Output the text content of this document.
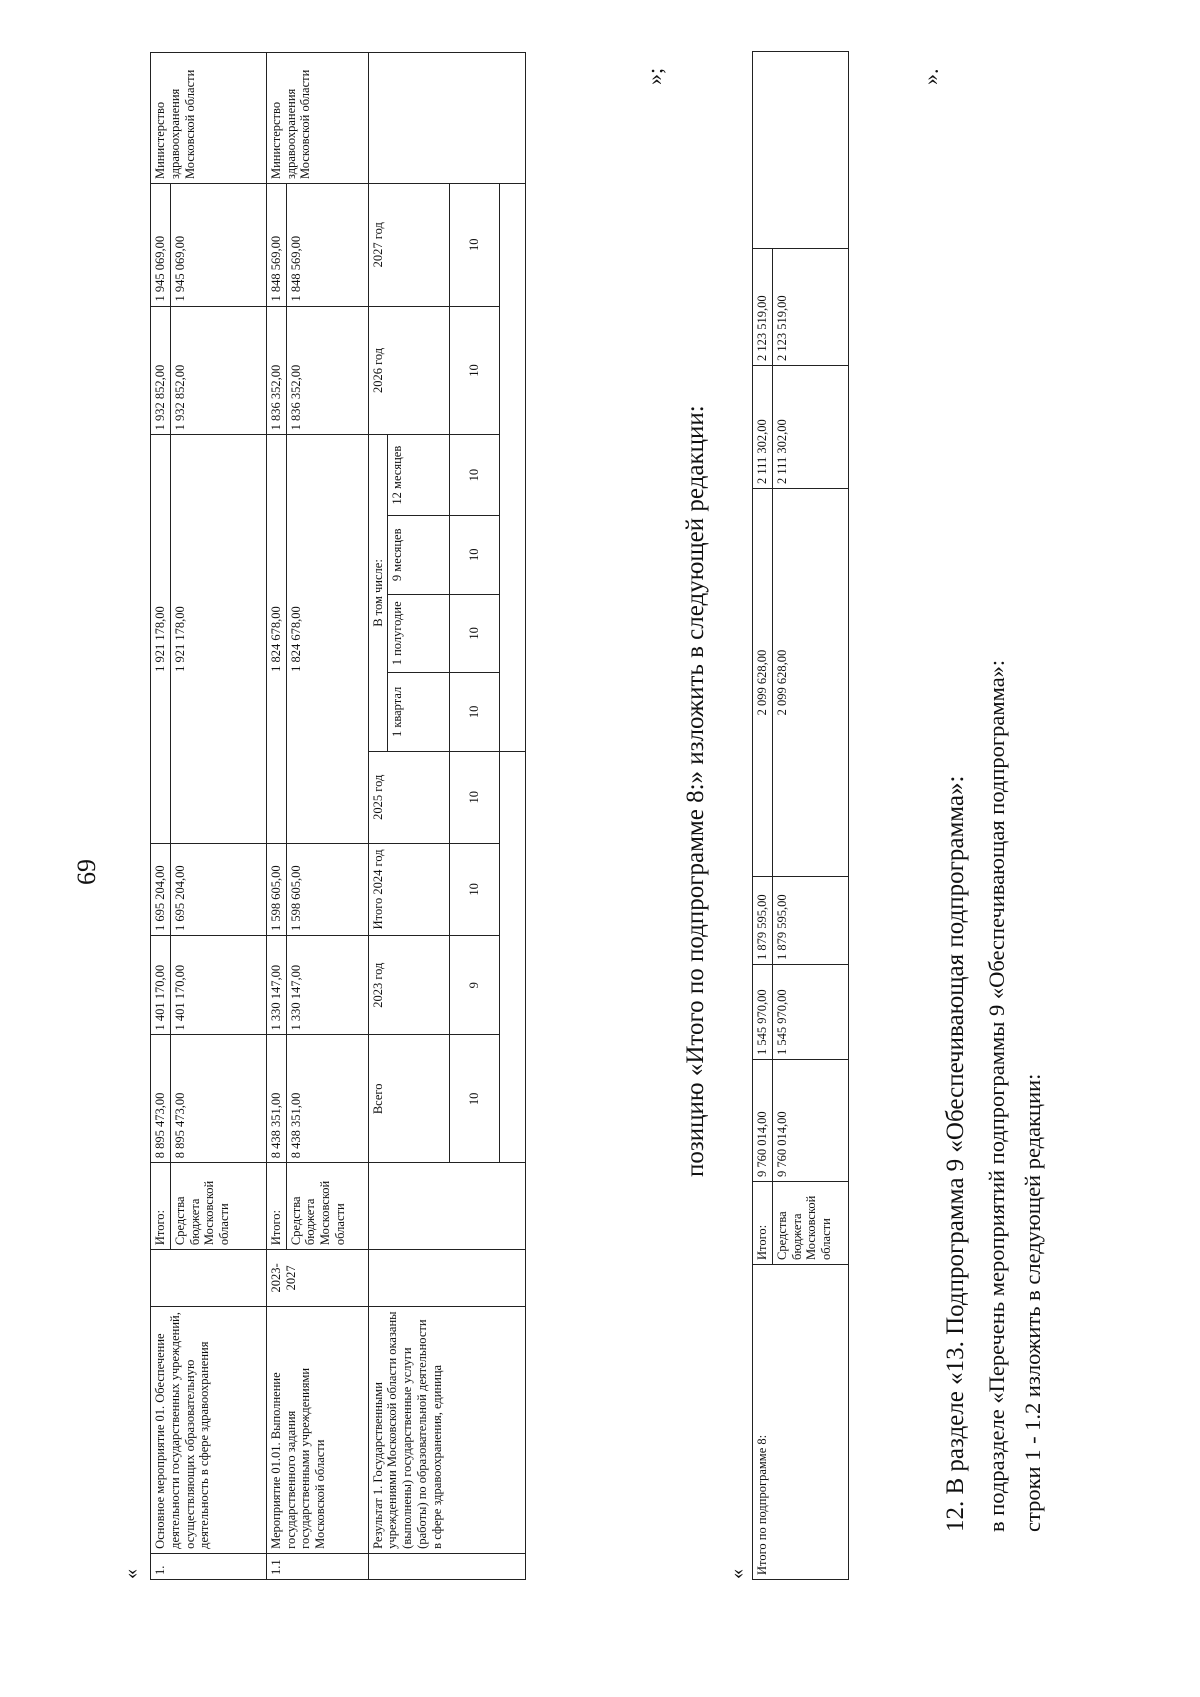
69
« 1.	Основное мероприятие 01. Обеспечение деятельности государственных учреждений, осуществляющих образовательную деятельность в сфере здравоохранения		Итого:	8 895 473,00	1 401 170,00	1 695 204,00	1 921 178,00					1 932 852,00	1 945 069,00	Министерство здравоохранения Московской области
			Средства бюджета Московской области	8 895 473,00	1 401 170,00	1 695 204,00	1 921 178,00					1 932 852,00	1 945 069,00	
1.1	Мероприятие 01.01. Выполнение государственного задания государственными учреждениями Московской области	2023-2027	Итого:	8 438 351,00	1 330 147,00	1 598 605,00	1 824 678,00					1 836 352,00	1 848 569,00	Министерство здравоохранения Московской области
			Средства бюджета Московской области	8 438 351,00	1 330 147,00	1 598 605,00	1 824 678,00					1 836 352,00	1 848 569,00	
	Результат 1. Государственными учреждениями Московской области оказаны (выполнены) государственные услуги (работы) по образовательной деятельности в сфере здравоохранения, единица			Всего	2023 год	Итого 2024 год	2025 год	В том числе:				2026 год	2027 год	
								1 квартал	1 полугодие	9 месяцев	12 месяцев			
				10	9	10	10	10	10	10	10	10	10	

»;
позицию «Итого по подпрограмме 8:» изложить в следующей редакции:
« Итого по подпрограмме 8:	Итого:	9 760 014,00	1 545 970,00	1 879 595,00	2 099 628,00	2 111 302,00	2 123 519,00	
	Средства бюджета Московской области	9 760 014,00	1 545 970,00	1 879 595,00	2 099 628,00	2 111 302,00	2 123 519,00	
».
12. В разделе «13. Подпрограмма 9 «Обеспечивающая подпрограмма»: в подразделе «Перечень мероприятий подпрограммы 9 «Обеспечивающая подпрограмма»: строки 1 - 1.2 изложить в следующей редакции:
